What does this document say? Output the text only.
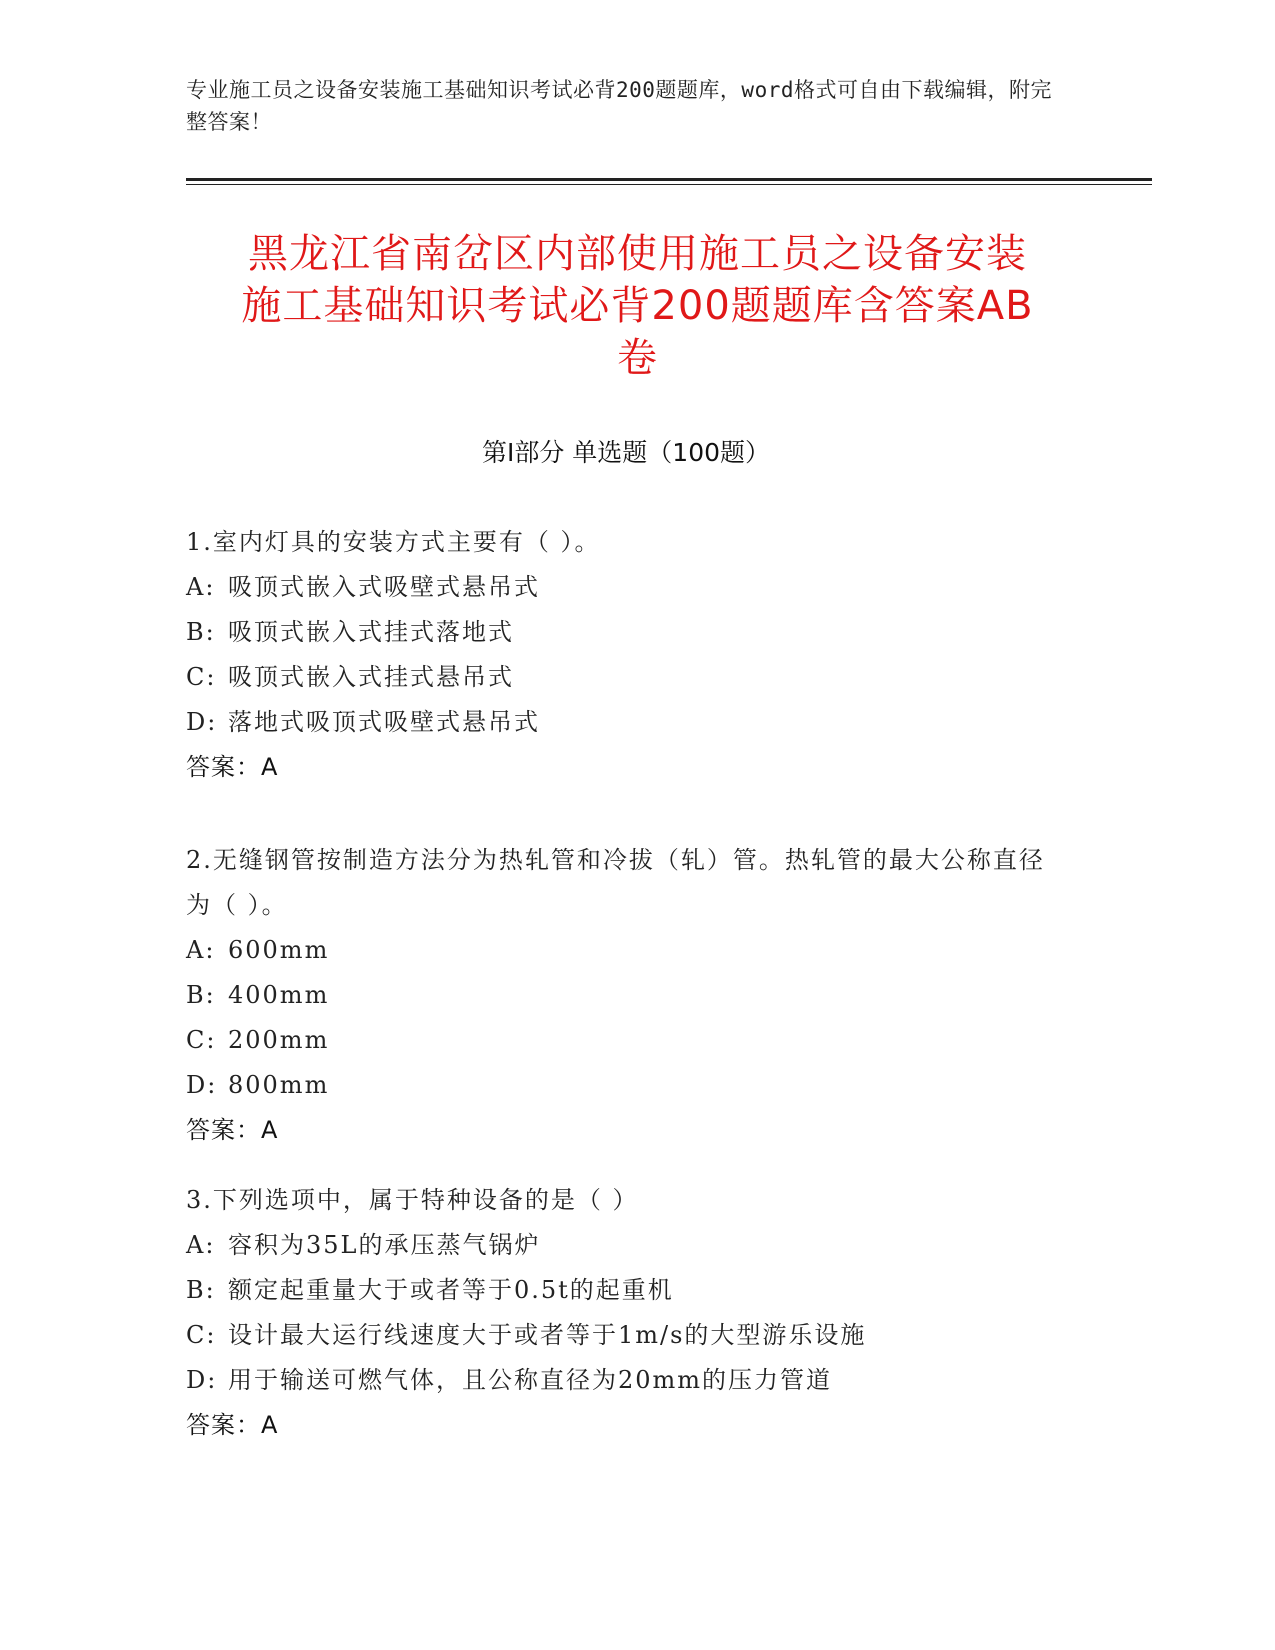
专业施工员之设备安装施工基础知识考试必背200题题库，word格式可自由下载编辑，附完整答案！
黑龙江省南岔区内部使用施工员之设备安装
施工基础知识考试必背200题题库含答案AB
卷
第Ⅰ部分 单选题（100题）
1.室内灯具的安装方式主要有（ ）。
A: 吸顶式嵌入式吸壁式悬吊式
B: 吸顶式嵌入式挂式落地式
C: 吸顶式嵌入式挂式悬吊式
D: 落地式吸顶式吸壁式悬吊式
答案：A
2.无缝钢管按制造方法分为热轧管和冷拔（轧）管。热轧管的最大公称直径为（ ）。
A: 600mm
B: 400mm
C: 200mm
D: 800mm
答案：A
3.下列选项中，属于特种设备的是（ ）
A: 容积为35L的承压蒸气锅炉
B: 额定起重量大于或者等于0.5t的起重机
C: 设计最大运行线速度大于或者等于1m/s的大型游乐设施
D: 用于输送可燃气体，且公称直径为20mm的压力管道
答案：A
